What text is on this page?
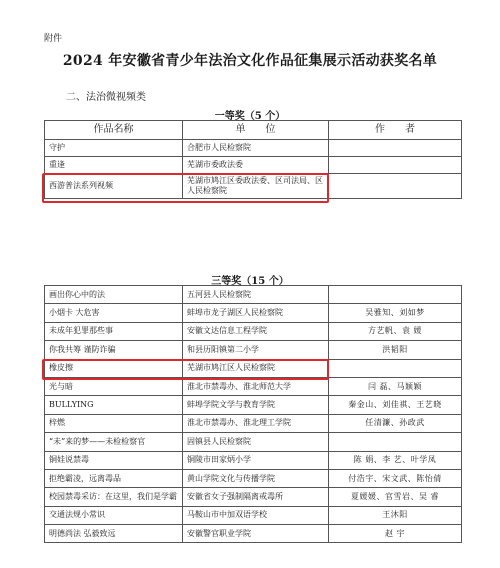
附件
2024 年安徽省青少年法治文化作品征集展示活动获奖名单
二、法治微视频类
一等奖（5 个）
作品名称	单　　位	作　　者
守护	合肥市人民检察院	
重逢	芜湖市委政法委	
西游普法系列视频	芜湖市鸠江区委政法委、区司法局、区人民检察院	
三等奖（15 个）
画出你心中的法	五河县人民检察院	
小烟卡 大危害	蚌埠市龙子湖区人民检察院	吴雅知、刘如梦
未成年犯罪那些事	安徽文达信息工程学院	方艺帆、袁 媛
你我共筹 谨防诈骗	和县历阳镇第二小学	洪韬阳
橡皮擦	芜湖市鸠江区人民检察院	
光与暗	淮北市禁毒办、淮北师范大学	闫 磊、马颖颖
BULLYING	蚌埠学院文学与教育学院	秦金山、刘佳祺、王艺晓
梓燃	淮北市禁毒办、淮北理工学院	任清濂、孙政武
“未”来的梦——未检检察官	固镇县人民检察院	
铜娃说禁毒	铜陵市田家炳小学	陈 娟、李 艺、叶学凤
拒绝霸凌，远离毒品	黄山学院文化与传播学院	付浩宇、宋文武、陈怡倩
校园禁毒采访：在这里，我们是学霸	安徽省女子强制隔离戒毒所	夏媛媛、官雪岩、吴 睿
交通法规小常识	马鞍山市中加双语学校	王沐阳
明德尚法 弘毅致远	安徽警官职业学院	赵 宇
